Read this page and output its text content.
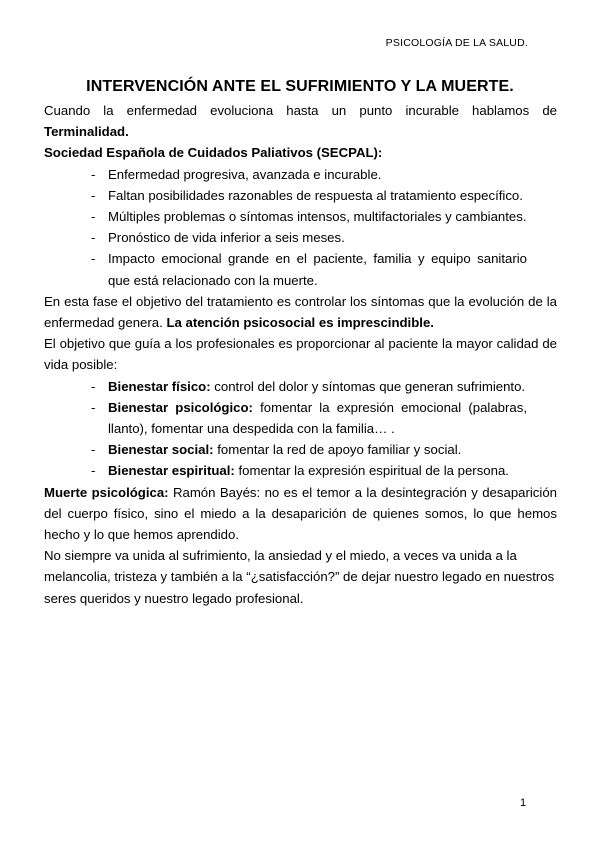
PSICOLOGÍA DE LA SALUD.
INTERVENCIÓN ANTE EL SUFRIMIENTO Y LA MUERTE.

Cuando la enfermedad evoluciona hasta un punto incurable hablamos de Terminalidad.

Sociedad Española de Cuidados Paliativos (SECPAL):

- Enfermedad progresiva, avanzada e incurable.
- Faltan posibilidades razonables de respuesta al tratamiento específico.
- Múltiples problemas o síntomas intensos, multifactoriales y cambiantes.
- Pronóstico de vida inferior a seis meses.
- Impacto emocional grande en el paciente, familia y equipo sanitario que está relacionado con la muerte.

En esta fase el objetivo del tratamiento es controlar los síntomas que la evolución de la enfermedad genera. La atención psicosocial es imprescindible.

El objetivo que guía a los profesionales es proporcionar al paciente la mayor calidad de vida posible:

- Bienestar físico: control del dolor y síntomas que generan sufrimiento.
- Bienestar psicológico: fomentar la expresión emocional (palabras, llanto), fomentar una despedida con la familia… .
- Bienestar social: fomentar la red de apoyo familiar y social.
- Bienestar espiritual: fomentar la expresión espiritual de la persona.

Muerte psicológica: Ramón Bayés: no es el temor a la desintegración y desaparición del cuerpo físico, sino el miedo a la desaparición de quienes somos, lo que hemos hecho y lo que hemos aprendido.

No siempre va unida al sufrimiento, la ansiedad y el miedo, a veces va unida a la melancolia, tristeza y también a la “¿satisfacción?” de dejar nuestro legado en nuestros seres queridos y nuestro legado profesional.

1
